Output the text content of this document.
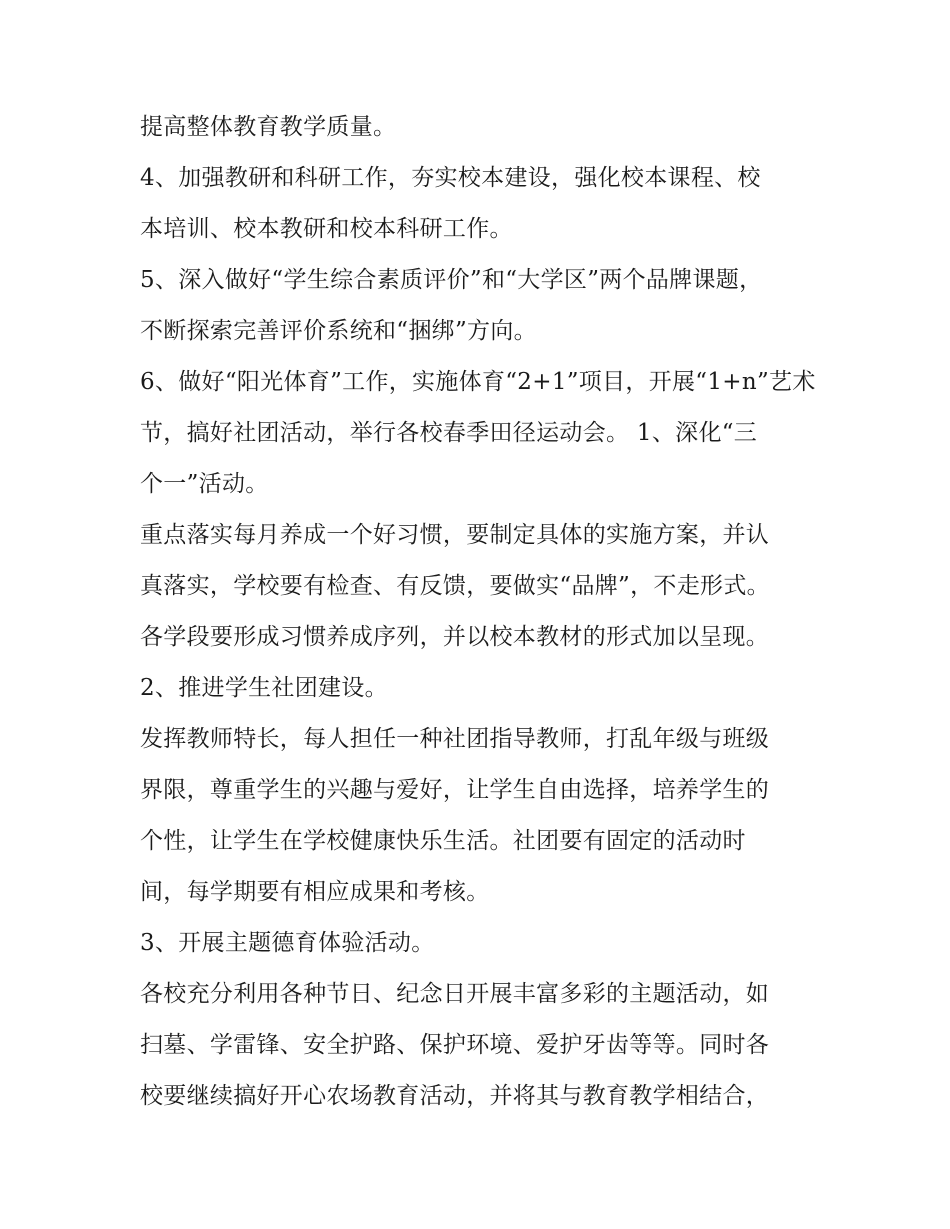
提高整体教育教学质量。
4、加强教研和科研工作，夯实校本建设，强化校本课程、校
本培训、校本教研和校本科研工作。
5、深入做好“学生综合素质评价”和“大学区”两个品牌课题，
不断探索完善评价系统和“捆绑”方向。
6、做好“阳光体育”工作，实施体育“2+1”项目，开展“1+n”艺术
节，搞好社团活动，举行各校春季田径运动会。 1、深化“三
个一”活动。
重点落实每月养成一个好习惯，要制定具体的实施方案，并认
真落实，学校要有检查、有反馈，要做实“品牌”，不走形式。
各学段要形成习惯养成序列，并以校本教材的形式加以呈现。
2、推进学生社团建设。
发挥教师特长，每人担任一种社团指导教师，打乱年级与班级
界限，尊重学生的兴趣与爱好，让学生自由选择，培养学生的
个性，让学生在学校健康快乐生活。社团要有固定的活动时
间，每学期要有相应成果和考核。
3、开展主题德育体验活动。
各校充分利用各种节日、纪念日开展丰富多彩的主题活动，如
扫墓、学雷锋、安全护路、保护环境、爱护牙齿等等。同时各
校要继续搞好开心农场教育活动，并将其与教育教学相结合，
